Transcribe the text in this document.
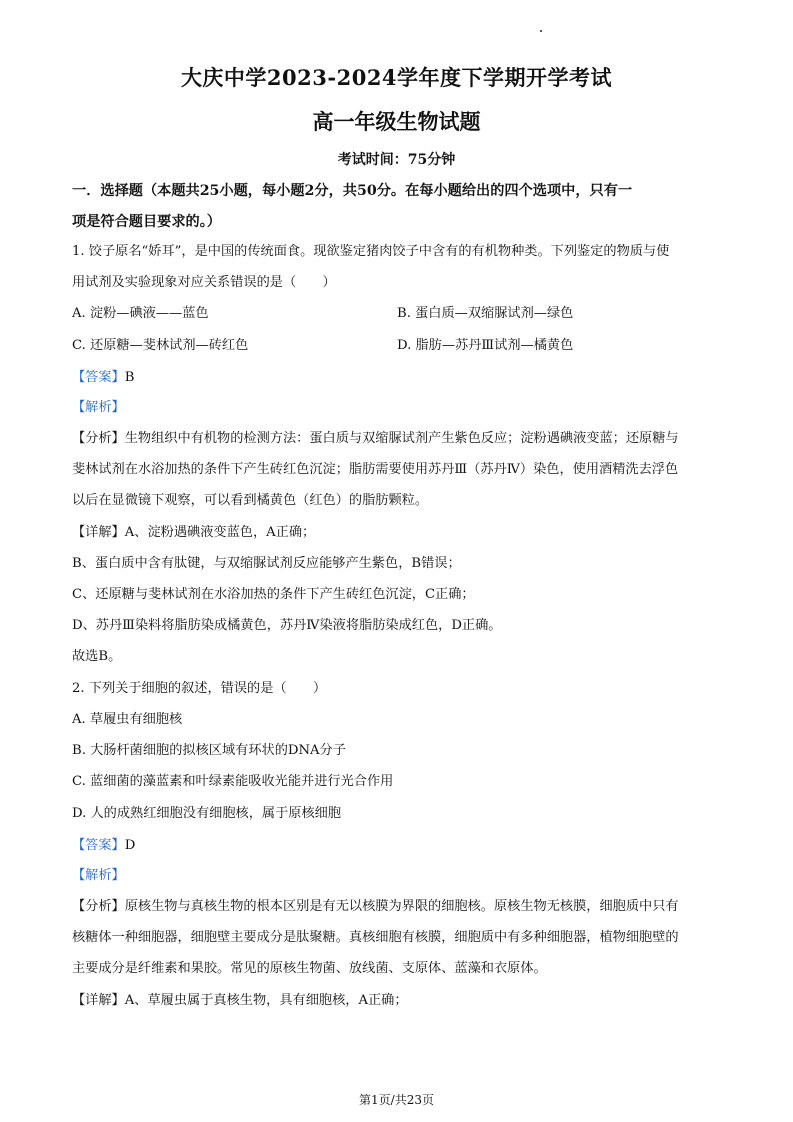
大庆中学2023-2024学年度下学期开学考试
高一年级生物试题
考试时间：75分钟
一．选择题（本题共25小题，每小题2分，共50分。在每小题给出的四个选项中，只有一
项是符合题目要求的。）
1. 饺子原名“娇耳”，是中国的传统面食。现欲鉴定猪肉饺子中含有的有机物种类。下列鉴定的物质与使
用试剂及实验现象对应关系错误的是（　　）
A. 淀粉—碘液——蓝色	B. 蛋白质—双缩脲试剂—绿色
C. 还原糖—斐林试剂—砖红色	D. 脂肪—苏丹Ⅲ试剂—橘黄色
【答案】B
【解析】
【分析】生物组织中有机物的检测方法：蛋白质与双缩脲试剂产生紫色反应；淀粉遇碘液变蓝；还原糖与
斐林试剂在水浴加热的条件下产生砖红色沉淀；脂肪需要使用苏丹Ⅲ（苏丹Ⅳ）染色，使用酒精洗去浮色
以后在显微镜下观察，可以看到橘黄色（红色）的脂肪颗粒。
【详解】A、淀粉遇碘液变蓝色，A正确；
B、蛋白质中含有肽键，与双缩脲试剂反应能够产生紫色，B错误；
C、还原糖与斐林试剂在水浴加热的条件下产生砖红色沉淀，C正确；
D、苏丹Ⅲ染料将脂肪染成橘黄色，苏丹Ⅳ染液将脂肪染成红色，D正确。
故选B。
2. 下列关于细胞的叙述，错误的是（　　）
A. 草履虫有细胞核
B. 大肠杆菌细胞的拟核区域有环状的DNA分子
C. 蓝细菌的藻蓝素和叶绿素能吸收光能并进行光合作用
D. 人的成熟红细胞没有细胞核，属于原核细胞
【答案】D
【解析】
【分析】原核生物与真核生物的根本区别是有无以核膜为界限的细胞核。原核生物无核膜，细胞质中只有
核糖体一种细胞器，细胞壁主要成分是肽聚糖。真核细胞有核膜，细胞质中有多种细胞器，植物细胞壁的
主要成分是纤维素和果胶。常见的原核生物菌、放线菌、支原体、蓝藻和衣原体。
【详解】A、草履虫属于真核生物，具有细胞核，A正确；
第1页/共23页
